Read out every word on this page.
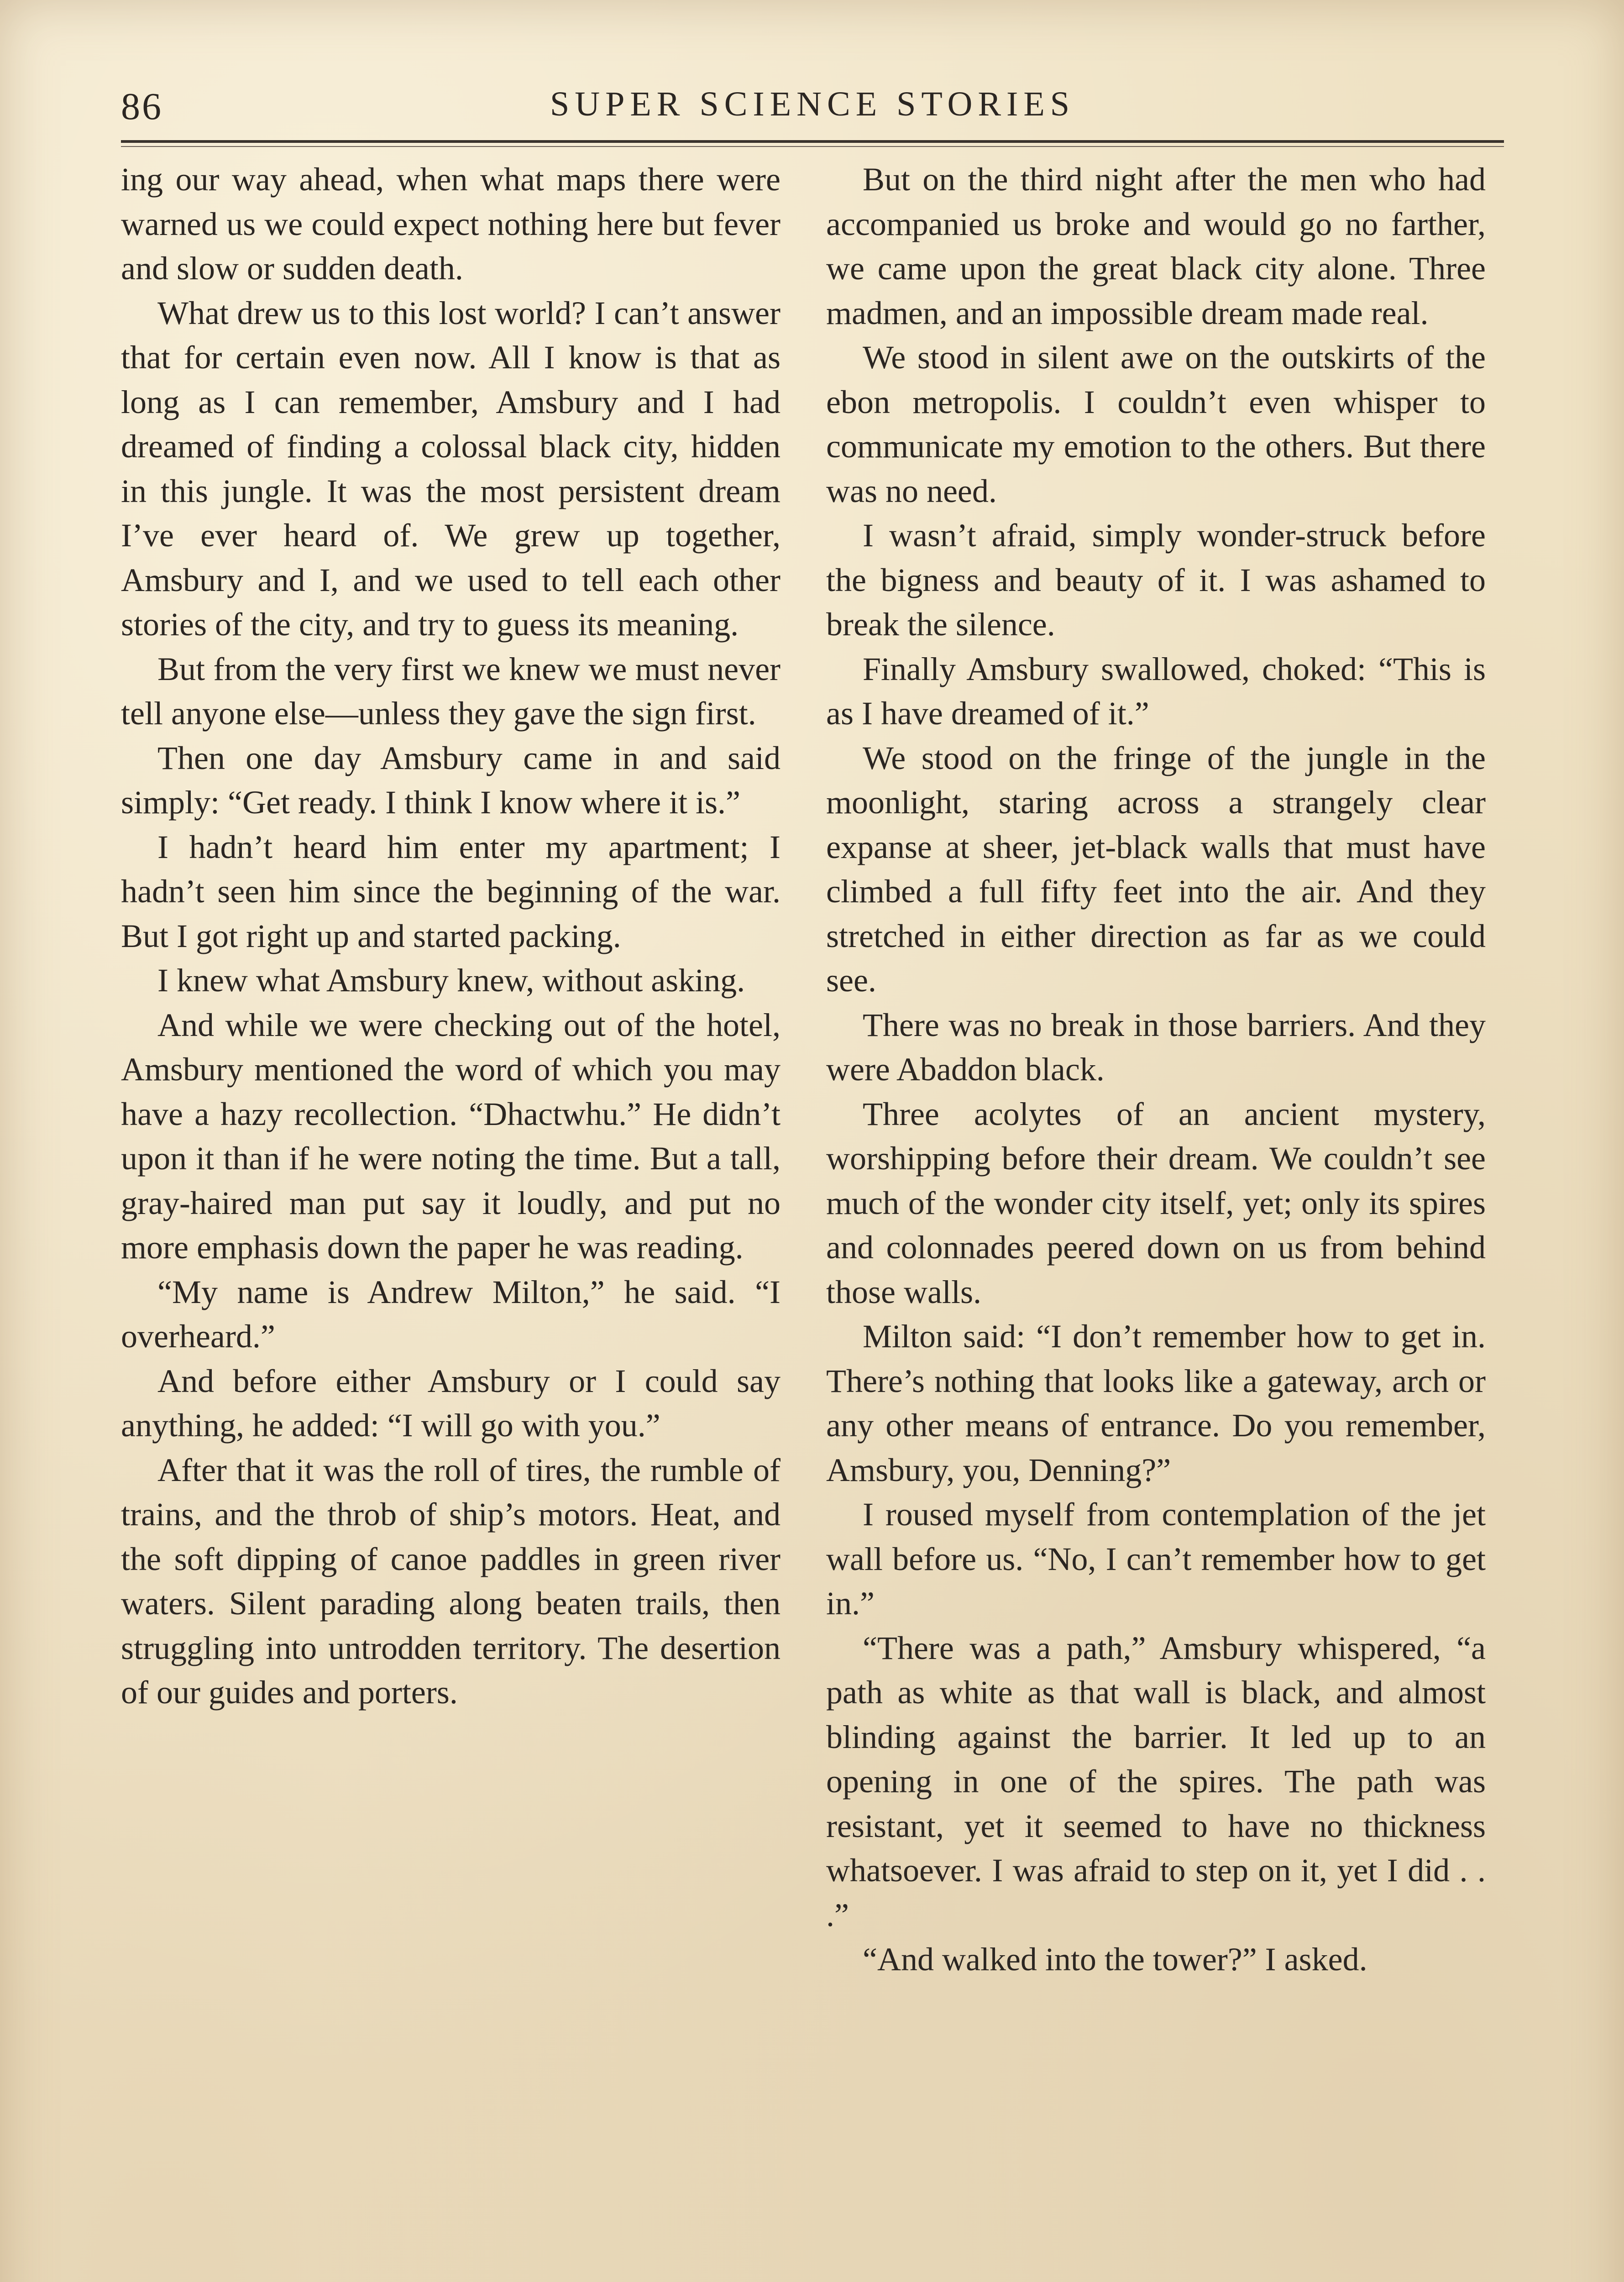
86	SUPER SCIENCE STORIES

ing our way ahead, when what maps there were warned us we could expect nothing here but fever and slow or sudden death.

What drew us to this lost world? I can’t answer that for certain even now. All I know is that as long as I can remember, Amsbury and I had dreamed of finding a colossal black city, hidden in this jungle. It was the most persistent dream I’ve ever heard of. We grew up together, Amsbury and I, and we used to tell each other stories of the city, and try to guess its meaning.

But from the very first we knew we must never tell anyone else—unless they gave the sign first.

Then one day Amsbury came in and said simply: “Get ready. I think I know where it is.”

I hadn’t heard him enter my apartment; I hadn’t seen him since the beginning of the war. But I got right up and started packing.

I knew what Amsbury knew, without asking.

And while we were checking out of the hotel, Amsbury mentioned the word of which you may have a hazy recollection. “Dhactwhu.” He didn’t upon it than if he were noting the time. But a tall, gray-haired man put say it loudly, and put no more emphasis down the paper he was reading.

“My name is Andrew Milton,” he said. “I overheard.”

And before either Amsbury or I could say anything, he added: “I will go with you.”

After that it was the roll of tires, the rumble of trains, and the throb of ship’s motors. Heat, and the soft dipping of canoe paddles in green river waters. Silent parading along beaten trails, then struggling into untrodden territory. The desertion of our guides and porters.

But on the third night after the men who had accompanied us broke and would go no farther, we came upon the great black city alone. Three madmen, and an impossible dream made real.

We stood in silent awe on the outskirts of the ebon metropolis. I couldn’t even whisper to communicate my emotion to the others. But there was no need.

I wasn’t afraid, simply wonder-struck before the bigness and beauty of it. I was ashamed to break the silence.

Finally Amsbury swallowed, choked: “This is as I have dreamed of it.”

We stood on the fringe of the jungle in the moonlight, staring across a strangely clear expanse at sheer, jet-black walls that must have climbed a full fifty feet into the air. And they stretched in either direction as far as we could see.

There was no break in those barriers. And they were Abaddon black.

Three acolytes of an ancient mystery, worshipping before their dream. We couldn’t see much of the wonder city itself, yet; only its spires and colonnades peered down on us from behind those walls.

Milton said: “I don’t remember how to get in. There’s nothing that looks like a gateway, arch or any other means of entrance. Do you remember, Amsbury, you, Denning?”

I roused myself from contemplation of the jet wall before us. “No, I can’t remember how to get in.”

“There was a path,” Amsbury whispered, “a path as white as that wall is black, and almost blinding against the barrier. It led up to an opening in one of the spires. The path was resistant, yet it seemed to have no thickness whatsoever. I was afraid to step on it, yet I did . . .”

“And walked into the tower?” I asked.
